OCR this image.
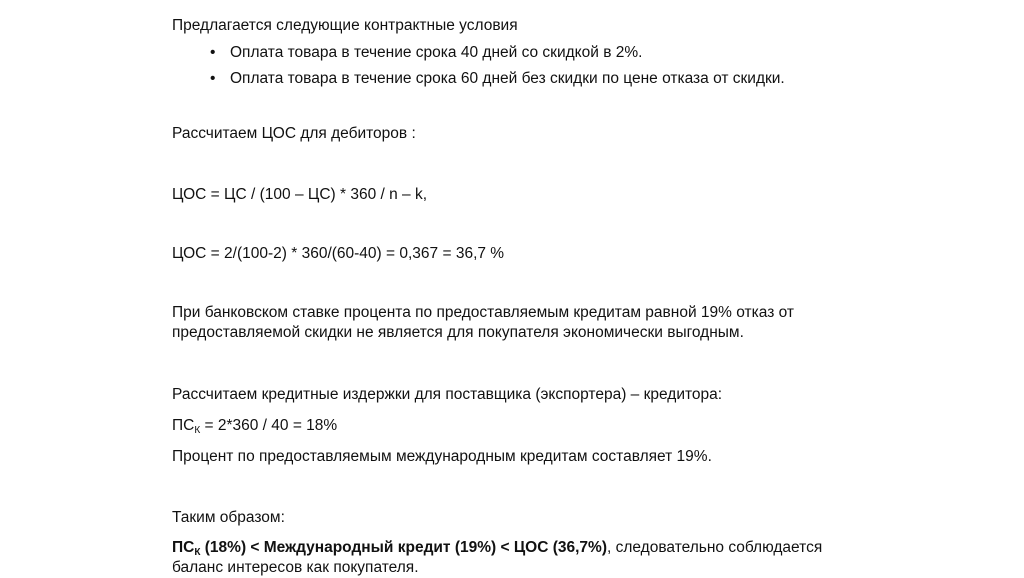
Предлагается следующие контрактные условия
• Оплата товара в течение срока 40 дней со скидкой в 2%.
• Оплата товара в течение срока 60 дней без скидки по цене отказа от скидки.
Рассчитаем ЦОС для дебиторов :
ЦОС = ЦС / (100 – ЦС) * 360 / n – k,
ЦОС = 2/(100-2) * 360/(60-40) = 0,367 = 36,7 %
При банковском ставке процента по предоставляемым кредитам равной 19% отказ от
предоставляемой скидки не является для покупателя экономически выгодным.
Рассчитаем кредитные издержки для поставщика (экспортера) – кредитора:
$ПС_К = 2*360 / 40 = 18\%$
Процент по предоставляемым международным кредитам составляет 19%.
Таким образом:
$ПС_К$ (18%) < Международный кредит (19%) < ЦОС (36,7%), следовательно соблюдается
баланс интересов как покупателя.
